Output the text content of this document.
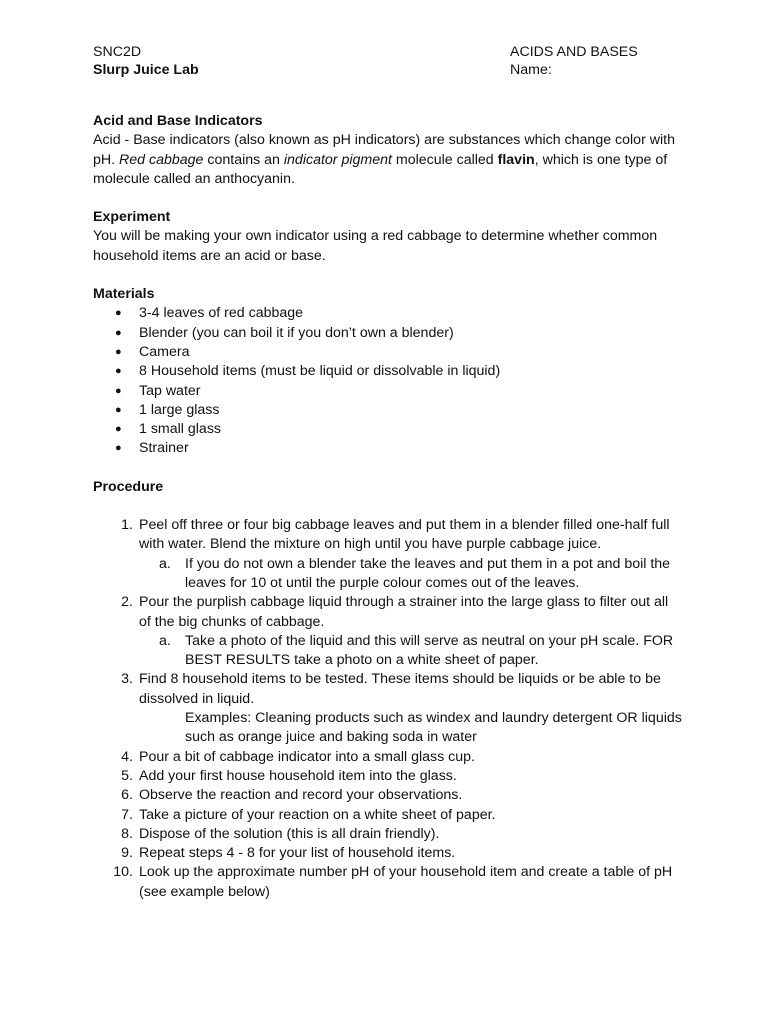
SNC2D
Slurp Juice Lab
ACIDS AND BASES
Name:
Acid and Base Indicators

Acid - Base indicators (also known as pH indicators) are substances which change color with pH. Red cabbage contains an indicator pigment molecule called flavin, which is one type of molecule called an anthocyanin.

Experiment

You will be making your own indicator using a red cabbage to determine whether common household items are an acid or base.

Materials
● 3-4 leaves of red cabbage
● Blender (you can boil it if you don’t own a blender)
● Camera
● 8 Household items (must be liquid or dissolvable in liquid)
● Tap water
● 1 large glass
● 1 small glass
● Strainer
Procedure
1. Peel off three or four big cabbage leaves and put them in a blender filled one-half full with water. Blend the mixture on high until you have purple cabbage juice.
a. If you do not own a blender take the leaves and put them in a pot and boil the leaves for 10 ot until the purple colour comes out of the leaves.
2. Pour the purplish cabbage liquid through a strainer into the large glass to filter out all of the big chunks of cabbage.
a. Take a photo of the liquid and this will serve as neutral on your pH scale. FOR BEST RESULTS take a photo on a white sheet of paper.
3. Find 8 household items to be tested. These items should be liquids or be able to be dissolved in liquid.
Examples: Cleaning products such as windex and laundry detergent OR liquids such as orange juice and baking soda in water
4. Pour a bit of cabbage indicator into a small glass cup.
5. Add your first house household item into the glass.
6. Observe the reaction and record your observations.
7. Take a picture of your reaction on a white sheet of paper.
8. Dispose of the solution (this is all drain friendly).
9. Repeat steps 4 - 8 for your list of household items.
10. Look up the approximate number pH of your household item and create a table of pH (see example below)
